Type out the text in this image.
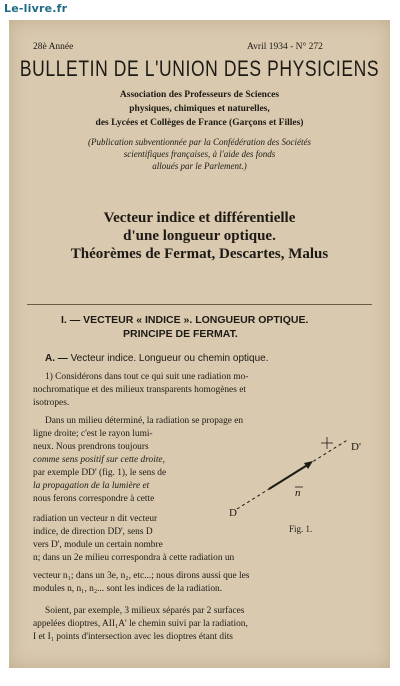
Le-livre.fr
28è Année	Avril 1934 - N° 272
BULLETIN DE L'UNION DES PHYSICIENS
Association des Professeurs de Sciences
physiques, chimiques et naturelles,
des Lycées et Collèges de France (Garçons et Filles)
(Publication subventionnée par la Confédération des Sociétés
scientifiques françaises, à l'aide des fonds
alloués par le Parlement.)
Vecteur indice et différentielle
d'une longueur optique.
Théorèmes de Fermat, Descartes, Malus
I. — VECTEUR « INDICE ». LONGUEUR OPTIQUE.
PRINCIPE DE FERMAT.
A. — Vecteur indice. Longueur ou chemin optique.
1) Considérons dans tout ce qui suit une radiation mo-
nochromatique et des milieux transparents homogènes et
isotropes.
Dans un milieu déterminé, la radiation se propage en
ligne droite; c'est le rayon lumi-
neux. Nous prendrons toujours
comme sens positif sur cette droite,
par exemple DD' (fig. 1), le sens de
la propagation de la lumière et
nous ferons correspondre à cette
radiation un vecteur n dit vecteur
indice, de direction DD', sens D
vers D', module un certain nombre
n; dans un 2e milieu correspondra à cette radiation un
vecteur n₁; dans un 3e, n₂, etc...; nous dirons aussi que les
modules n, n₁, n₂... sont les indices de la radiation.
Soient, par exemple, 3 milieux séparés par 2 surfaces
appelées dioptres, AII₁A' le chemin suivi par la radiation,
I et I₁ points d'intersection avec les dioptres étant dits
D
D'
n
Fig. 1.
